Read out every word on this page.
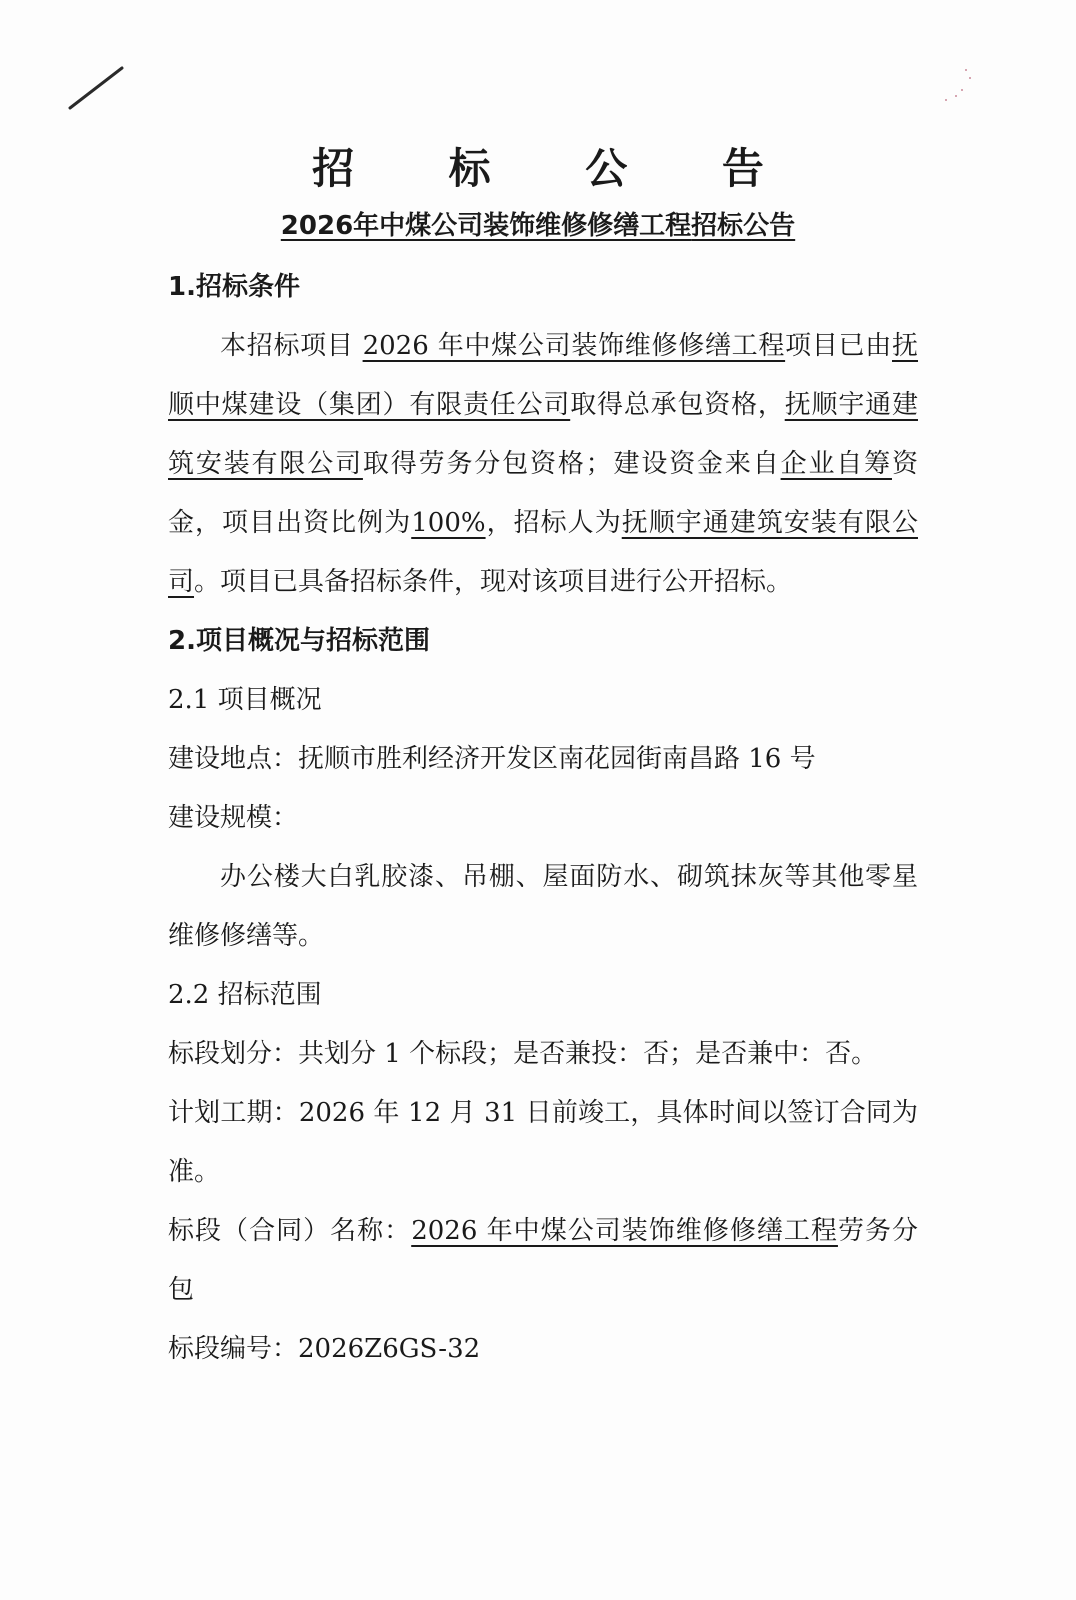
招 标 公 告
2026年中煤公司装饰维修修缮工程招标公告

1.招标条件

本招标项目 2026 年中煤公司装饰维修修缮工程项目已由抚顺中煤建设（集团）有限责任公司取得总承包资格，抚顺宇通建筑安装有限公司取得劳务分包资格；建设资金来自企业自筹资金，项目出资比例为100%，招标人为抚顺宇通建筑安装有限公司。项目已具备招标条件，现对该项目进行公开招标。

2.项目概况与招标范围

2.1 项目概况

建设地点：抚顺市胜利经济开发区南花园街南昌路 16 号

建设规模：

办公楼大白乳胶漆、吊棚、屋面防水、砌筑抹灰等其他零星维修修缮等。

2.2 招标范围

标段划分：共划分 1 个标段；是否兼投：否；是否兼中：否。

计划工期：2026 年 12 月 31 日前竣工，具体时间以签订合同为准。

标段（合同）名称：2026 年中煤公司装饰维修修缮工程劳务分包

标段编号：2026Z6GS-32
